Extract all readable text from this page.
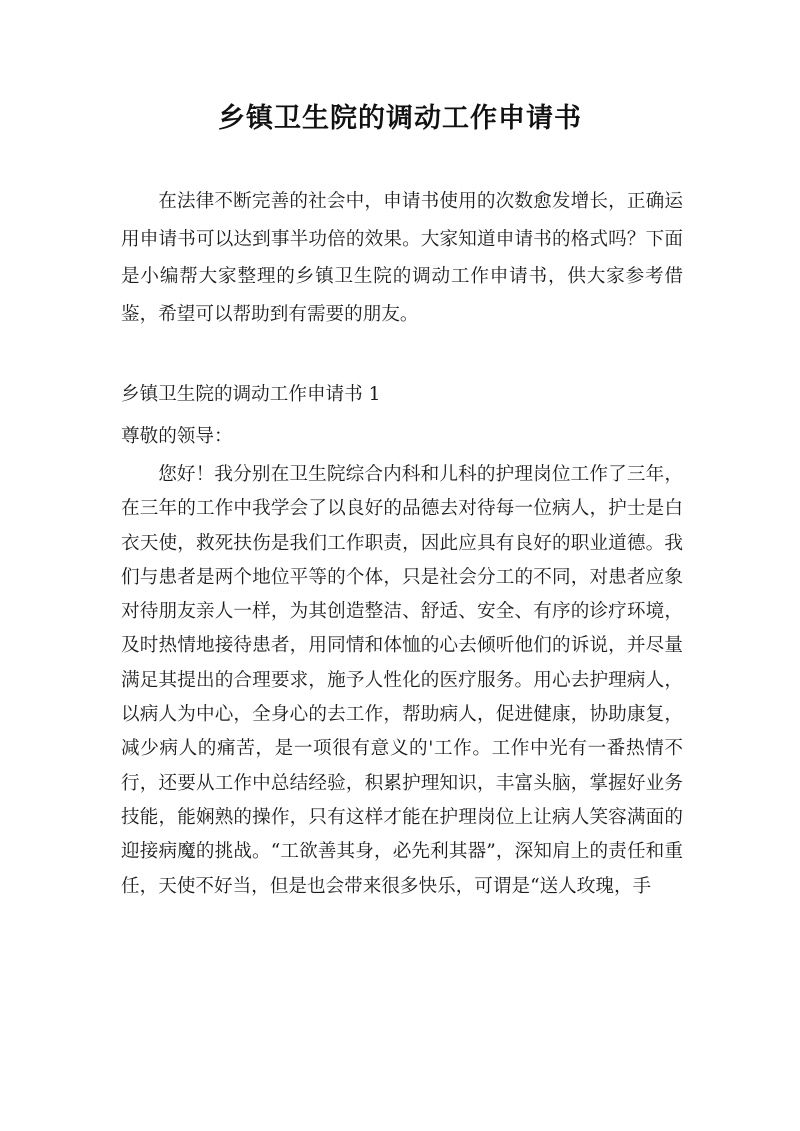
乡镇卫生院的调动工作申请书

在法律不断完善的社会中，申请书使用的次数愈发增长，正确运用申请书可以达到事半功倍的效果。大家知道申请书的格式吗？下面是小编帮大家整理的乡镇卫生院的调动工作申请书，供大家参考借鉴，希望可以帮助到有需要的朋友。

乡镇卫生院的调动工作申请书 1

尊敬的领导：

您好！我分别在卫生院综合内科和儿科的护理岗位工作了三年，在三年的工作中我学会了以良好的品德去对待每一位病人，护士是白衣天使，救死扶伤是我们工作职责，因此应具有良好的职业道德。我们与患者是两个地位平等的个体，只是社会分工的不同，对患者应象对待朋友亲人一样，为其创造整洁、舒适、安全、有序的诊疗环境，及时热情地接待患者，用同情和体恤的心去倾听他们的诉说，并尽量满足其提出的合理要求，施予人性化的医疗服务。用心去护理病人，以病人为中心，全身心的去工作，帮助病人，促进健康，协助康复，减少病人的痛苦，是一项很有意义的'工作。工作中光有一番热情不行，还要从工作中总结经验，积累护理知识，丰富头脑，掌握好业务技能，能娴熟的操作，只有这样才能在护理岗位上让病人笑容满面的迎接病魔的挑战。“工欲善其身，必先利其器”，深知肩上的责任和重任，天使不好当，但是也会带来很多快乐，可谓是“送人玫瑰，手
